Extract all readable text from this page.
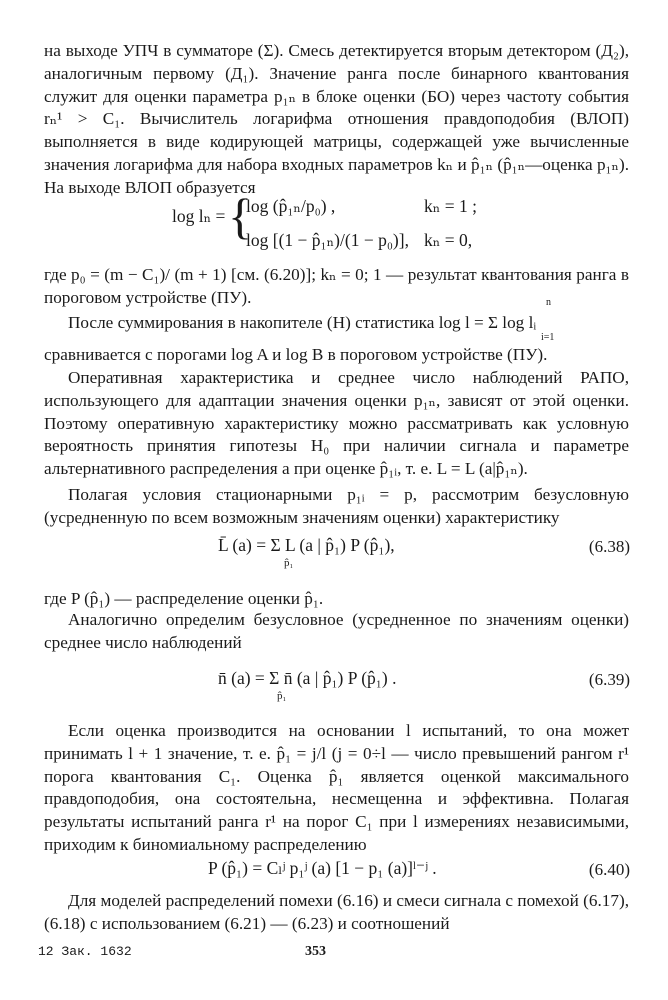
на выходе УПЧ в сумматоре (Σ). Смесь детектируется вторым детектором (Д₂), аналогичным первому (Д₁). Значение ранга после бинарного квантования служит для оценки параметра p₁ₙ в блоке оценки (БО) через частоту события rₙ¹ > C₁. Вычислитель логарифма отношения правдоподобия (ВЛОП) выполняется в виде кодирующей матрицы, содержащей уже вычисленные значения логарифма для набора входных параметров kₙ и p̂₁ₙ (p̂₁ₙ—оценка p₁ₙ). На выходе ВЛОП образуется

log lₙ = {
log (p̂₁ₙ/p₀) ,	kₙ = 1 ;
log [(1 − p̂₁ₙ)/(1 − p₀)], kₙ = 0,

где p₀ = (m − C₁)/ (m + 1) [см. (6.20)]; kₙ = 0; 1 — результат квантования ранга в пороговом устройстве (ПУ).

После суммирования в накопителе (Н) статистика log l = Σ log lᵢ

n
i=1

сравнивается с порогами log A и log B в пороговом устройстве (ПУ).

Оперативная характеристика и среднее число наблюдений РАПО, использующего для адаптации значения оценки p₁ₙ, зависят от этой оценки. Поэтому оперативную характеристику можно рассматривать как условную вероятность принятия гипотезы H₀ при наличии сигнала и параметре альтернативного распределения a при оценке p̂₁ᵢ, т. е. L = L (a|p̂₁ₙ).

Полагая условия стационарными p₁ᵢ = p, рассмотрим безусловную (усредненную по всем возможным значениям оценки) характеристику

L̄ (a) = Σ L (a | p̂₁) P (p̂₁),
p̂₁
(6.38)

где P (p̂₁) — распределение оценки p̂₁.

Аналогично определим безусловное (усредненное по значениям оценки) среднее число наблюдений

n̄̄ (a) = Σ n̄ (a | p̂₁) P (p̂₁) .
p̂₁
(6.39)

Если оценка производится на основании l испытаний, то она может принимать l + 1 значение, т. е. p̂₁ = j/l (j = 0÷l — число превышений рангом r¹ порога квантования C₁. Оценка p̂₁ является оценкой максимального правдоподобия, она состоятельна, несмещенна и эффективна. Полагая результаты испытаний ранга r¹ на порог C₁ при l измерениях независимыми, приходим к биномиальному распределению

P (p̂₁) = Cₗʲ p₁ʲ (a) [1 − p₁ (a)]ˡ⁻ʲ .	(6.40)

Для моделей распределений помехи (6.16) и смеси сигнала с помехой (6.17), (6.18) с использованием (6.21) — (6.23) и соотношений

12 Зак. 1632	353
